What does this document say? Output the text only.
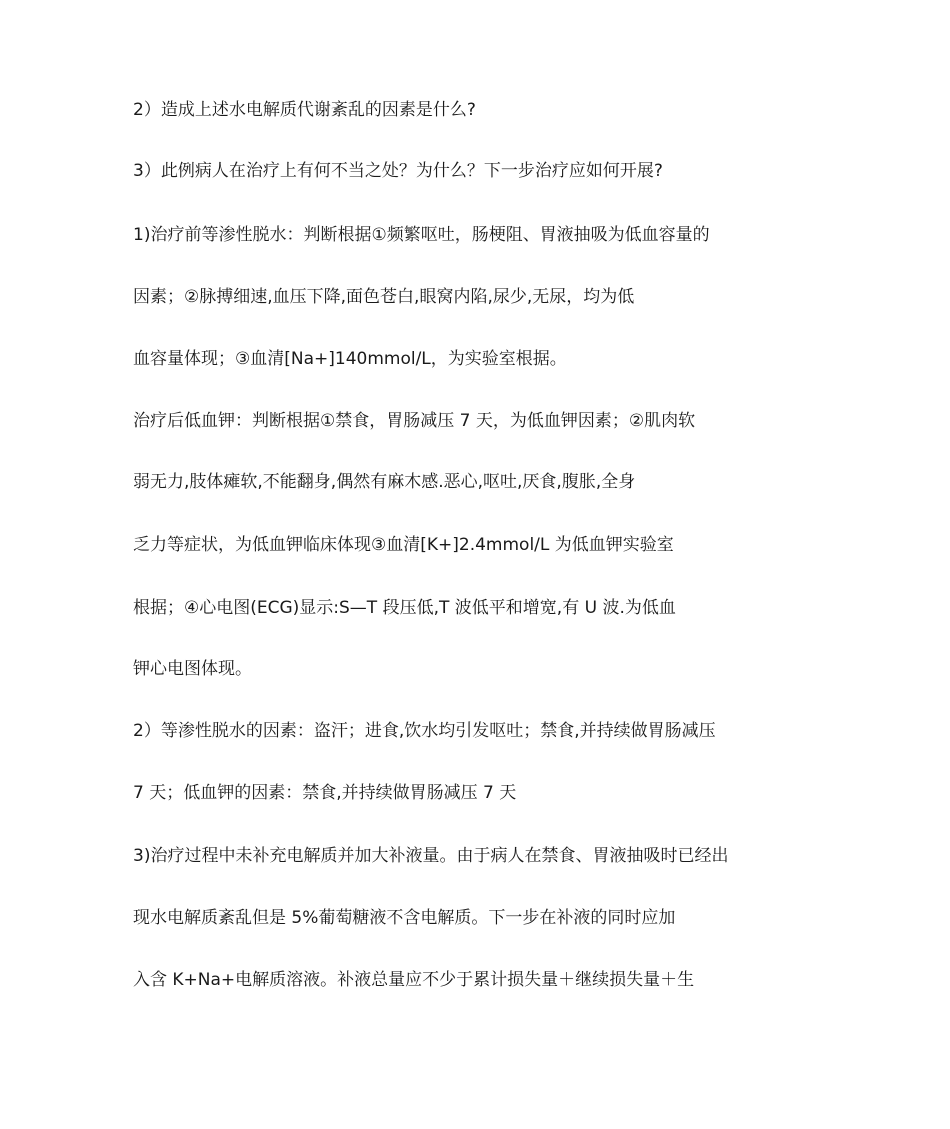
2）造成上述水电解质代谢紊乱的因素是什么?

3）此例病人在治疗上有何不当之处？为什么？下一步治疗应如何开展?

1)治疗前等渗性脱水：判断根据①频繁呕吐，肠梗阻、胃液抽吸为低血容量的

因素；②脉搏细速,血压下降,面色苍白,眼窝内陷,尿少,无尿，均为低

血容量体现；③血清[Na+]140mmol/L，为实验室根据。

治疗后低血钾：判断根据①禁食，胃肠减压 7 天，为低血钾因素；②肌肉软

弱无力,肢体瘫软,不能翻身,偶然有麻木感.恶心,呕吐,厌食,腹胀,全身

乏力等症状，为低血钾临床体现③血清[K+]2.4mmol/L 为低血钾实验室

根据；④心电图(ECG)显示:S—T 段压低,T 波低平和增宽,有 U 波.为低血

钾心电图体现。

2）等渗性脱水的因素：盗汗；进食,饮水均引发呕吐；禁食,并持续做胃肠减压

7 天；低血钾的因素：禁食,并持续做胃肠减压 7 天

3)治疗过程中未补充电解质并加大补液量。由于病人在禁食、胃液抽吸时已经出

现水电解质紊乱但是 5%葡萄糖液不含电解质。下一步在补液的同时应加

入含 K+Na+电解质溶液。补液总量应不少于累计损失量＋继续损失量＋生
